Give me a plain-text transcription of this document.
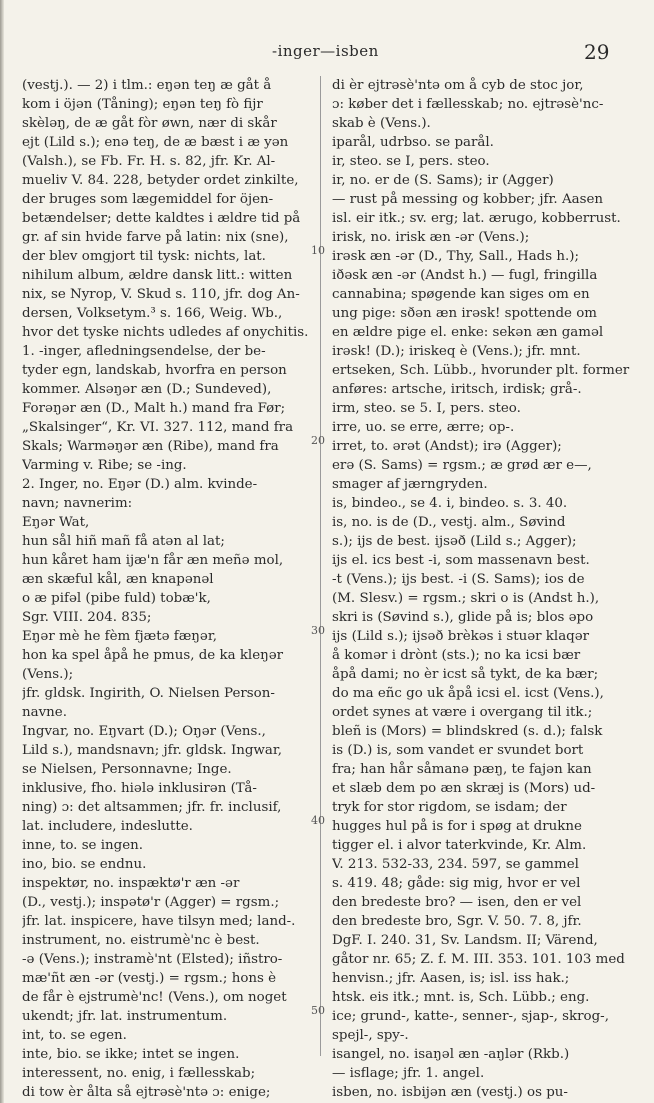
-inger—isben	29
(vestj.). — 2) i tlm.: eŋən teŋ æ gåt å
kom i öjən (Tåning); eŋən teŋ fò fijr
skèləŋ, de æ gåt fòr øwn, nær di skår
ejt (Lild s.); enə teŋ, de æ bæst i æ yən
(Valsh.), se Fb. Fr. H. s. 82, jfr. Kr. Al-
mueliv V. 84. 228, betyder ordet zinkilte,
der bruges som lægemiddel for öjen-
betændelser; dette kaldtes i ældre tid på
gr. af sin hvide farve på latin: nix (sne),
der blev omgjort til tysk: nichts, lat.
nihilum album, ældre dansk litt.: witten
nix, se Nyrop, V. Skud s. 110, jfr. dog An-
dersen, Volksetym.³ s. 166, Weig. Wb.,
hvor det tyske nichts udledes af onychitis.
1. -inger, afledningsendelse, der be-
tyder egn, landskab, hvorfra en person
kommer. Alsəŋər æn (D.; Sundeved),
Forəŋər æn (D., Malt h.) mand fra Før;
„Skalsinger“, Kr. VI. 327. 112, mand fra
Skals; Warməŋər æn (Ribe), mand fra
Varming v. Ribe; se -ing.
2. Inger, no. Eŋər (D.) alm. kvinde-
navn; navnerim:
Eŋər Wat,
hun sål hiñ mañ få atən al lat;
hun kåret ham ijæ'n får æn meñə mol,
æn skæful kål, æn knapənəl
o æ pifəl (pibe fuld) tobæ'k,
Sgr. VIII. 204. 835;
Eŋər mè he fèm fjætə fæŋər,
hon ka spel åpå he pmus, de ka kleŋər
(Vens.);
jfr. gldsk. Ingirith, O. Nielsen Person-
navne.
Ingvar, no. Eŋvart (D.); Oŋər (Vens.,
Lild s.), mandsnavn; jfr. gldsk. Ingwar,
se Nielsen, Personnavne; Inge.
inklusive, fho. hiələ inklusirən (Tå-
ning) ɔ: det altsammen; jfr. fr. inclusif,
lat. includere, indeslutte.
inne, to. se ingen.
ino, bio. se endnu.
inspektør, no. inspæktø'r æn -ər
(D., vestj.); inspətø'r (Agger) = rgsm.;
jfr. lat. inspicere, have tilsyn med; land-.
instrument, no. eistrumè'nc è best.
-ə (Vens.); instramè'nt (Elsted); iñstro-
mæ'ñt æn -ər (vestj.) = rgsm.; hons è
de får è ejstrumè'nc! (Vens.), om noget
ukendt; jfr. lat. instrumentum.
int, to. se egen.
inte, bio. se ikke; intet se ingen.
interessent, no. enig, i fællesskab;
di tow èr ålta så ejtrəsè'ntə ɔ: enige;
di èr ejtrəsè'ntə om å cyb de stoc jor,
ɔ: køber det i fællesskab; no. ejtrəsè'nc-
skab è (Vens.).
iparål, udrbso. se parål.
ir, steo. se I, pers. steo.
ir, no. er de (S. Sams); ir (Agger)
— rust på messing og kobber; jfr. Aasen
isl. eir itk.; sv. erg; lat. ærugo, kobberrust.
irisk, no. irisk æn -ər (Vens.);
irəsk æn -ər (D., Thy, Sall., Hads h.);
iðəsk æn -ər (Andst h.) — fugl, fringilla
cannabina; spøgende kan siges om en
ung pige: sðən æn irəsk! spottende om
en ældre pige el. enke: sekən æn gaməl
irəsk! (D.); iriskeq è (Vens.); jfr. mnt.
ertseken, Sch. Lübb., hvorunder plt. former
anføres: artsche, iritsch, irdisk; grå-.
irm, steo. se 5. I, pers. steo.
irre, uo. se erre, ærre; op-.
irret, to. ərət (Andst); irə (Agger);
erə (S. Sams) = rgsm.; æ grød ær e—,
smager af jærngryden.
is, bindeo., se 4. i, bindeo. s. 3. 40.
is, no. is de (D., vestj. alm., Søvind
s.); ijs de best. ijsəð (Lild s.; Agger);
ijs el. ics best -i, som massenavn best.
-t (Vens.); ijs best. -i (S. Sams); ios de
(M. Slesv.) = rgsm.; skri o is (Andst h.),
skri is (Søvind s.), glide på is; blos əpo
ijs (Lild s.); ijsəð brèkəs i stuər klaqər
å komər i drònt (sts.); no ka icsi bær
åpå dami; no èr icst så tykt, de ka bær;
do ma eñc go uk åpå icsi el. icst (Vens.),
ordet synes at være i overgang til itk.;
bleñ is (Mors) = blindskred (s. d.); falsk
is (D.) is, som vandet er svundet bort
fra; han hår såmanə pæŋ, te fajən kan
et slæb dem po æn skræj is (Mors) ud-
tryk for stor rigdom, se isdam; der
hugges hul på is for i spøg at drukne
tigger el. i alvor taterkvinde, Kr. Alm.
V. 213. 532-33, 234. 597, se gammel
s. 419. 48; gåde: sig mig, hvor er vel
den bredeste bro? — isen, den er vel
den bredeste bro, Sgr. V. 50. 7. 8, jfr.
DgF. I. 240. 31, Sv. Landsm. II; Värend,
gåtor nr. 65; Z. f. M. III. 353. 101. 103 med
henvisn.; jfr. Aasen, is; isl. iss hak.;
htsk. eis itk.; mnt. is, Sch. Lübb.; eng.
ice; grund-, katte-, senner-, sjap-, skrog-,
spejl-, spy-.
isangel, no. isaŋəl æn -aŋlər (Rkb.)
— isflage; jfr. 1. angel.
isben, no. isbijən æn (vestj.) os pu-
10
20
30
40
50
